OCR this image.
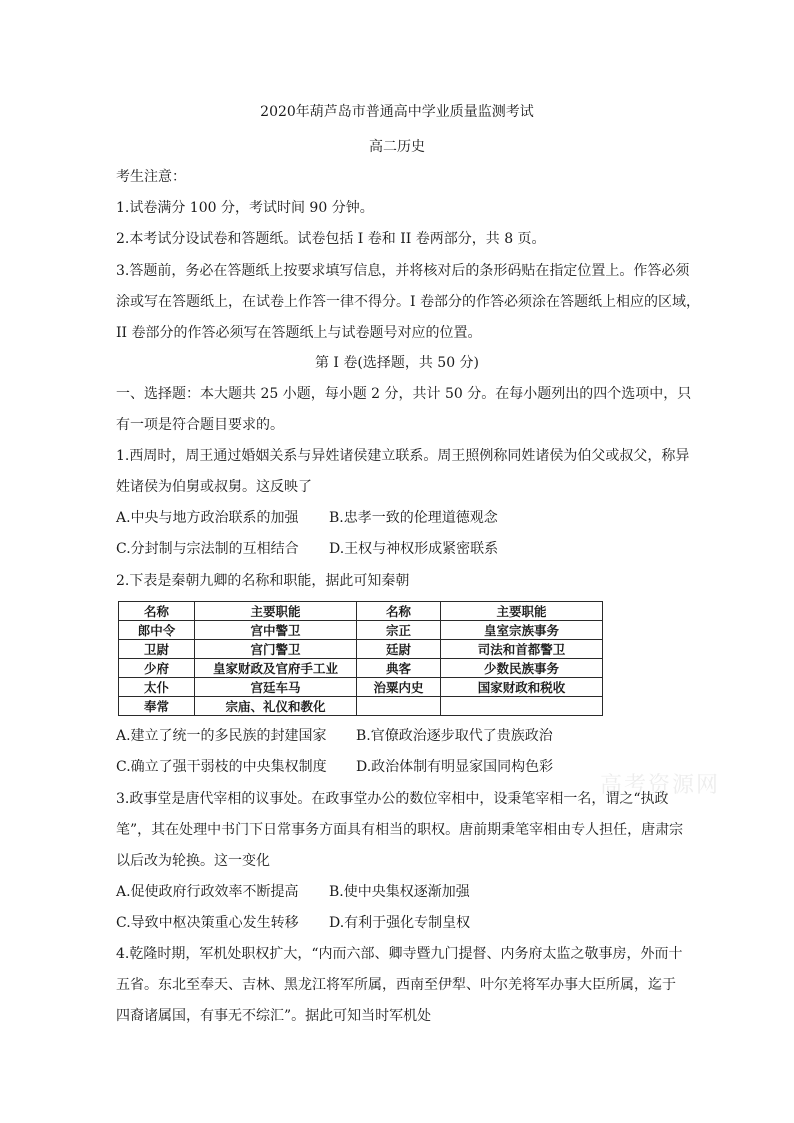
2020年葫芦岛市普通高中学业质量监测考试
高二历史
考生注意：
1.试卷满分 100 分，考试时间 90 分钟。
2.本考试分设试卷和答题纸。试卷包括 I 卷和 II 卷两部分，共 8 页。
3.答题前，务必在答题纸上按要求填写信息，并将核对后的条形码贴在指定位置上。作答必须
涂或写在答题纸上，在试卷上作答一律不得分。I 卷部分的作答必须涂在答题纸上相应的区域，
II 卷部分的作答必须写在答题纸上与试卷题号对应的位置。
第 I 卷(选择题，共 50 分)
一、选择题：本大题共 25 小题，每小题 2 分，共计 50 分。在每小题列出的四个选项中，只
有一项是符合题目要求的。
1.西周时，周王通过婚姻关系与异姓诸侯建立联系。周王照例称同姓诸侯为伯父或叔父，称异
姓诸侯为伯舅或叔舅。这反映了
A.中央与地方政治联系的加强 B.忠孝一致的伦理道德观念
C.分封制与宗法制的互相结合 D.王权与神权形成紧密联系
2.下表是秦朝九卿的名称和职能，据此可知秦朝
名称	主要职能	名称	主要职能
郎中令	宫中警卫	宗正	皇室宗族事务
卫尉	宫门警卫	廷尉	司法和首都警卫
少府	皇家财政及官府手工业	典客	少数民族事务
太仆	宫廷车马	治粟内史	国家财政和税收
奉常	宗庙、礼仪和教化		
A.建立了统一的多民族的封建国家 B.官僚政治逐步取代了贵族政治
C.确立了强干弱枝的中央集权制度 D.政治体制有明显家国同构色彩
高考资源网
3.政事堂是唐代宰相的议事处。在政事堂办公的数位宰相中，设秉笔宰相一名，谓之“执政
笔”，其在处理中书门下日常事务方面具有相当的职权。唐前期秉笔宰相由专人担任，唐肃宗
以后改为轮换。这一变化
A.促使政府行政效率不断提高 B.使中央集权逐渐加强
C.导致中枢决策重心发生转移 D.有利于强化专制皇权
4.乾隆时期，军机处职权扩大，“内而六部、卿寺暨九门提督、内务府太监之敬事房，外而十
五省。东北至奉天、吉林、黑龙江将军所属，西南至伊犁、叶尔羌将军办事大臣所属，迄于
四裔诸属国，有事无不综汇”。据此可知当时军机处
